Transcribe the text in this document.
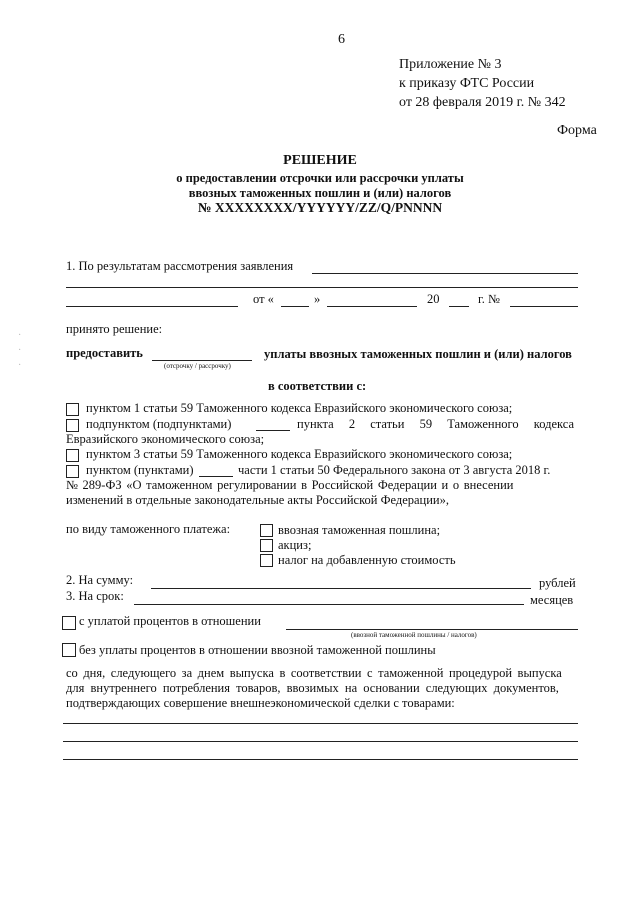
·
·
·
6
Приложение № 3
к приказу ФТС России
от 28 февраля 2019 г. № 342
Форма
РЕШЕНИЕ
о предоставлении отсрочки или рассрочки уплаты
ввозных таможенных пошлин и (или) налогов
№ XXXXXXXX/YYYYYY/ZZ/Q/PNNNN
1. По результатам рассмотрения заявления
от «	»	20	г. №
принято решение:
предоставить
(отсрочку / рассрочку)
уплаты ввозных таможенных пошлин и (или) налогов
в соответствии с:
пунктом 1 статьи 59 Таможенного кодекса Евразийского экономического союза;
подпунктом (подпунктами)	пункта 2 статьи 59 Таможенного кодекса
Евразийского экономического союза;
пунктом 3 статьи 59 Таможенного кодекса Евразийского экономического союза;
пунктом (пунктами)	части 1 статьи 50 Федерального закона от 3 августа 2018 г.
№ 289-ФЗ «О таможенном регулировании в Российской Федерации и о внесении
изменений в отдельные законодательные акты Российской Федерации»,
по виду таможенного платежа:	ввозная таможенная пошлина;
акциз;
налог на добавленную стоимость
2. На сумму:	рублей
3. На срок:	месяцев
с уплатой процентов в отношении
(ввозной таможенной пошлины / налогов)
без уплаты процентов в отношении ввозной таможенной пошлины
со дня, следующего за днем выпуска в соответствии с таможенной процедурой выпуска
для внутреннего потребления товаров, ввозимых на основании следующих документов,
подтверждающих совершение внешнеэкономической сделки с товарами:
